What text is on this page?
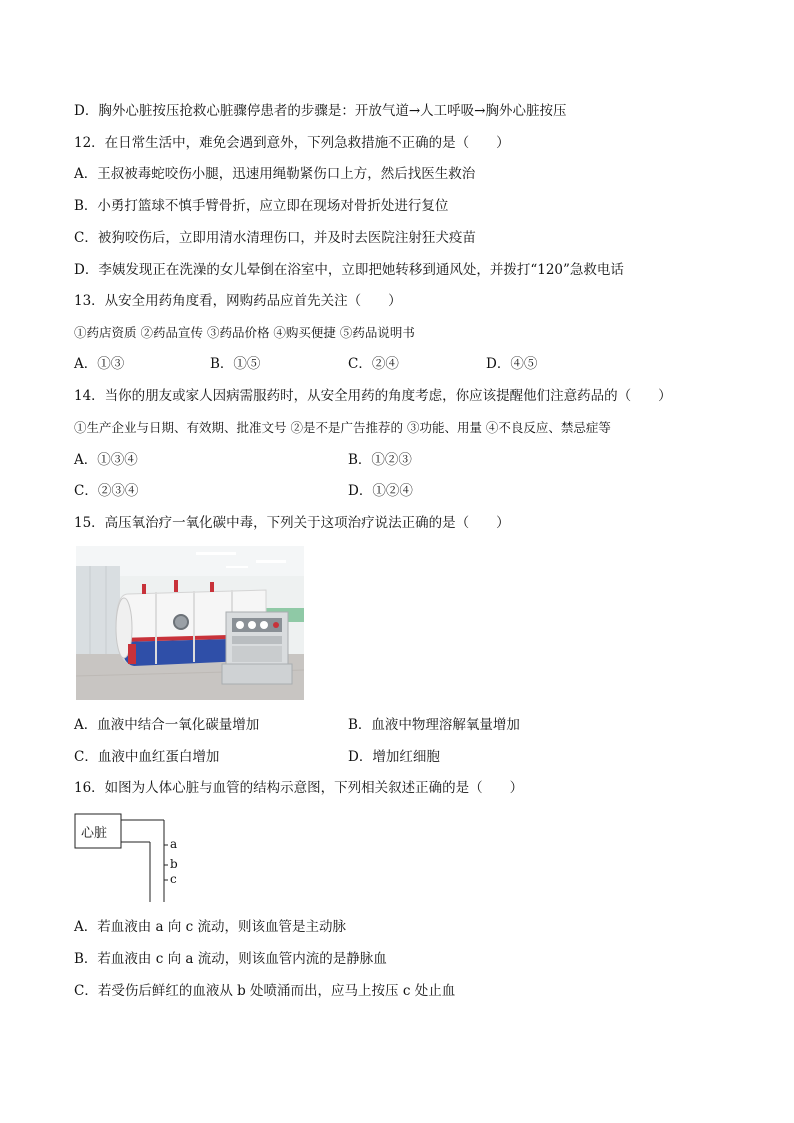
D．胸外心脏按压抢救心脏骤停患者的步骤是：开放气道→人工呼吸→胸外心脏按压
12．在日常生活中，难免会遇到意外，下列急救措施不正确的是（　　）
A．王叔被毒蛇咬伤小腿，迅速用绳勒紧伤口上方，然后找医生救治
B．小勇打篮球不慎手臂骨折，应立即在现场对骨折处进行复位
C．被狗咬伤后，立即用清水清理伤口，并及时去医院注射狂犬疫苗
D．李姨发现正在洗澡的女儿晕倒在浴室中，立即把她转移到通风处，并拨打“120”急救电话
13．从安全用药角度看，网购药品应首先关注（　　）
①药店资质 ②药品宣传 ③药品价格 ④购买便捷 ⑤药品说明书
A．①③	B．①⑤	C．②④	D．④⑤
14．当你的朋友或家人因病需服药时，从安全用药的角度考虑，你应该提醒他们注意药品的（　　）
①生产企业与日期、有效期、批准文号 ②是不是广告推荐的 ③功能、用量 ④不良反应、禁忌症等
A．①③④	B．①②③
C．②③④	D．①②④
15．高压氧治疗一氧化碳中毒，下列关于这项治疗说法正确的是（　　）
A．血液中结合一氧化碳量增加	B．血液中物理溶解氧量增加
C．血液中血红蛋白增加	D．增加红细胞
16．如图为人体心脏与血管的结构示意图，下列相关叙述正确的是（　　）
心脏
a
b
c
A．若血液由 a 向 c 流动，则该血管是主动脉
B．若血液由 c 向 a 流动，则该血管内流的是静脉血
C．若受伤后鲜红的血液从 b 处喷涌而出，应马上按压 c 处止血
